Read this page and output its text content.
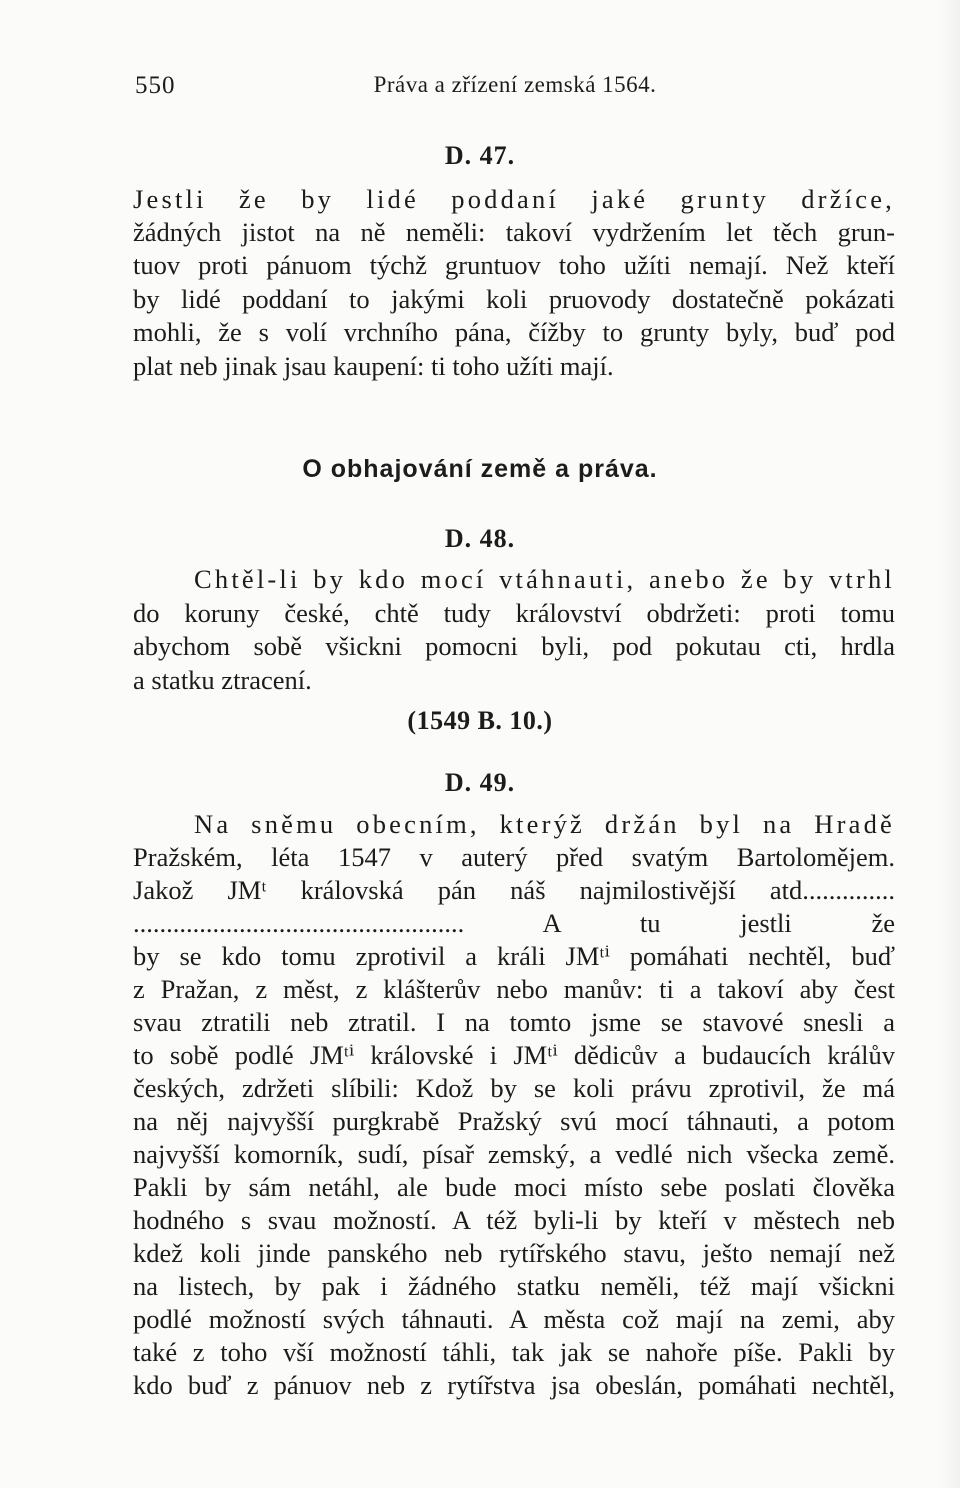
550	Práva a zřízení zemská 1564.
D. 47.
Jestli že by lidé poddaní jaké grunty držíce,
žádných jistot na ně neměli: takoví vydržením let těch grun-
tuov proti pánuom týchž gruntuov toho užíti nemají. Než kteří
by lidé poddaní to jakými koli pruovody dostatečně pokázati
mohli, že s volí vrchního pána, čížby to grunty byly, buď pod
plat neb jinak jsau kaupení: ti toho užíti mají.
O obhajování země a práva.
D. 48.
Chtěl-li by kdo mocí vtáhnauti, anebo že by vtrhl
do koruny české, chtě tudy království obdržeti: proti tomu
abychom sobě všickni pomocni byli, pod pokutau cti, hrdla
a statku ztracení.
(1549 B. 10.)
D. 49.
Na sněmu obecním, kterýž držán byl na Hradě
Pražském, léta 1547 v auterý před svatým Bartolomějem.
Jakož JMᵗ královská pán náš najmilostivější atd..............
.................................................. A tu jestli že
by se kdo tomu zprotivil a králi JMᵗⁱ pomáhati nechtěl, buď
z Pražan, z měst, z klášterův nebo manův: ti a takoví aby čest
svau ztratili neb ztratil. I na tomto jsme se stavové snesli a
to sobě podlé JMᵗⁱ královské i JMᵗⁱ dědicův a budaucích králův
českých, zdržeti slíbili: Kdož by se koli právu zprotivil, že má
na něj najvyšší purgkrabě Pražský svú mocí táhnauti, a potom
najvyšší komorník, sudí, písař zemský, a vedlé nich všecka země.
Pakli by sám netáhl, ale bude moci místo sebe poslati člověka
hodného s svau možností. A též byli-li by kteří v městech neb
kdež koli jinde panského neb rytířského stavu, ješto nemají než
na listech, by pak i žádného statku neměli, též mají všickni
podlé možností svých táhnauti. A města což mají na zemi, aby
také z toho vší možností táhli, tak jak se nahoře píše. Pakli by
kdo buď z pánuov neb z rytířstva jsa obeslán, pomáhati nechtěl,
